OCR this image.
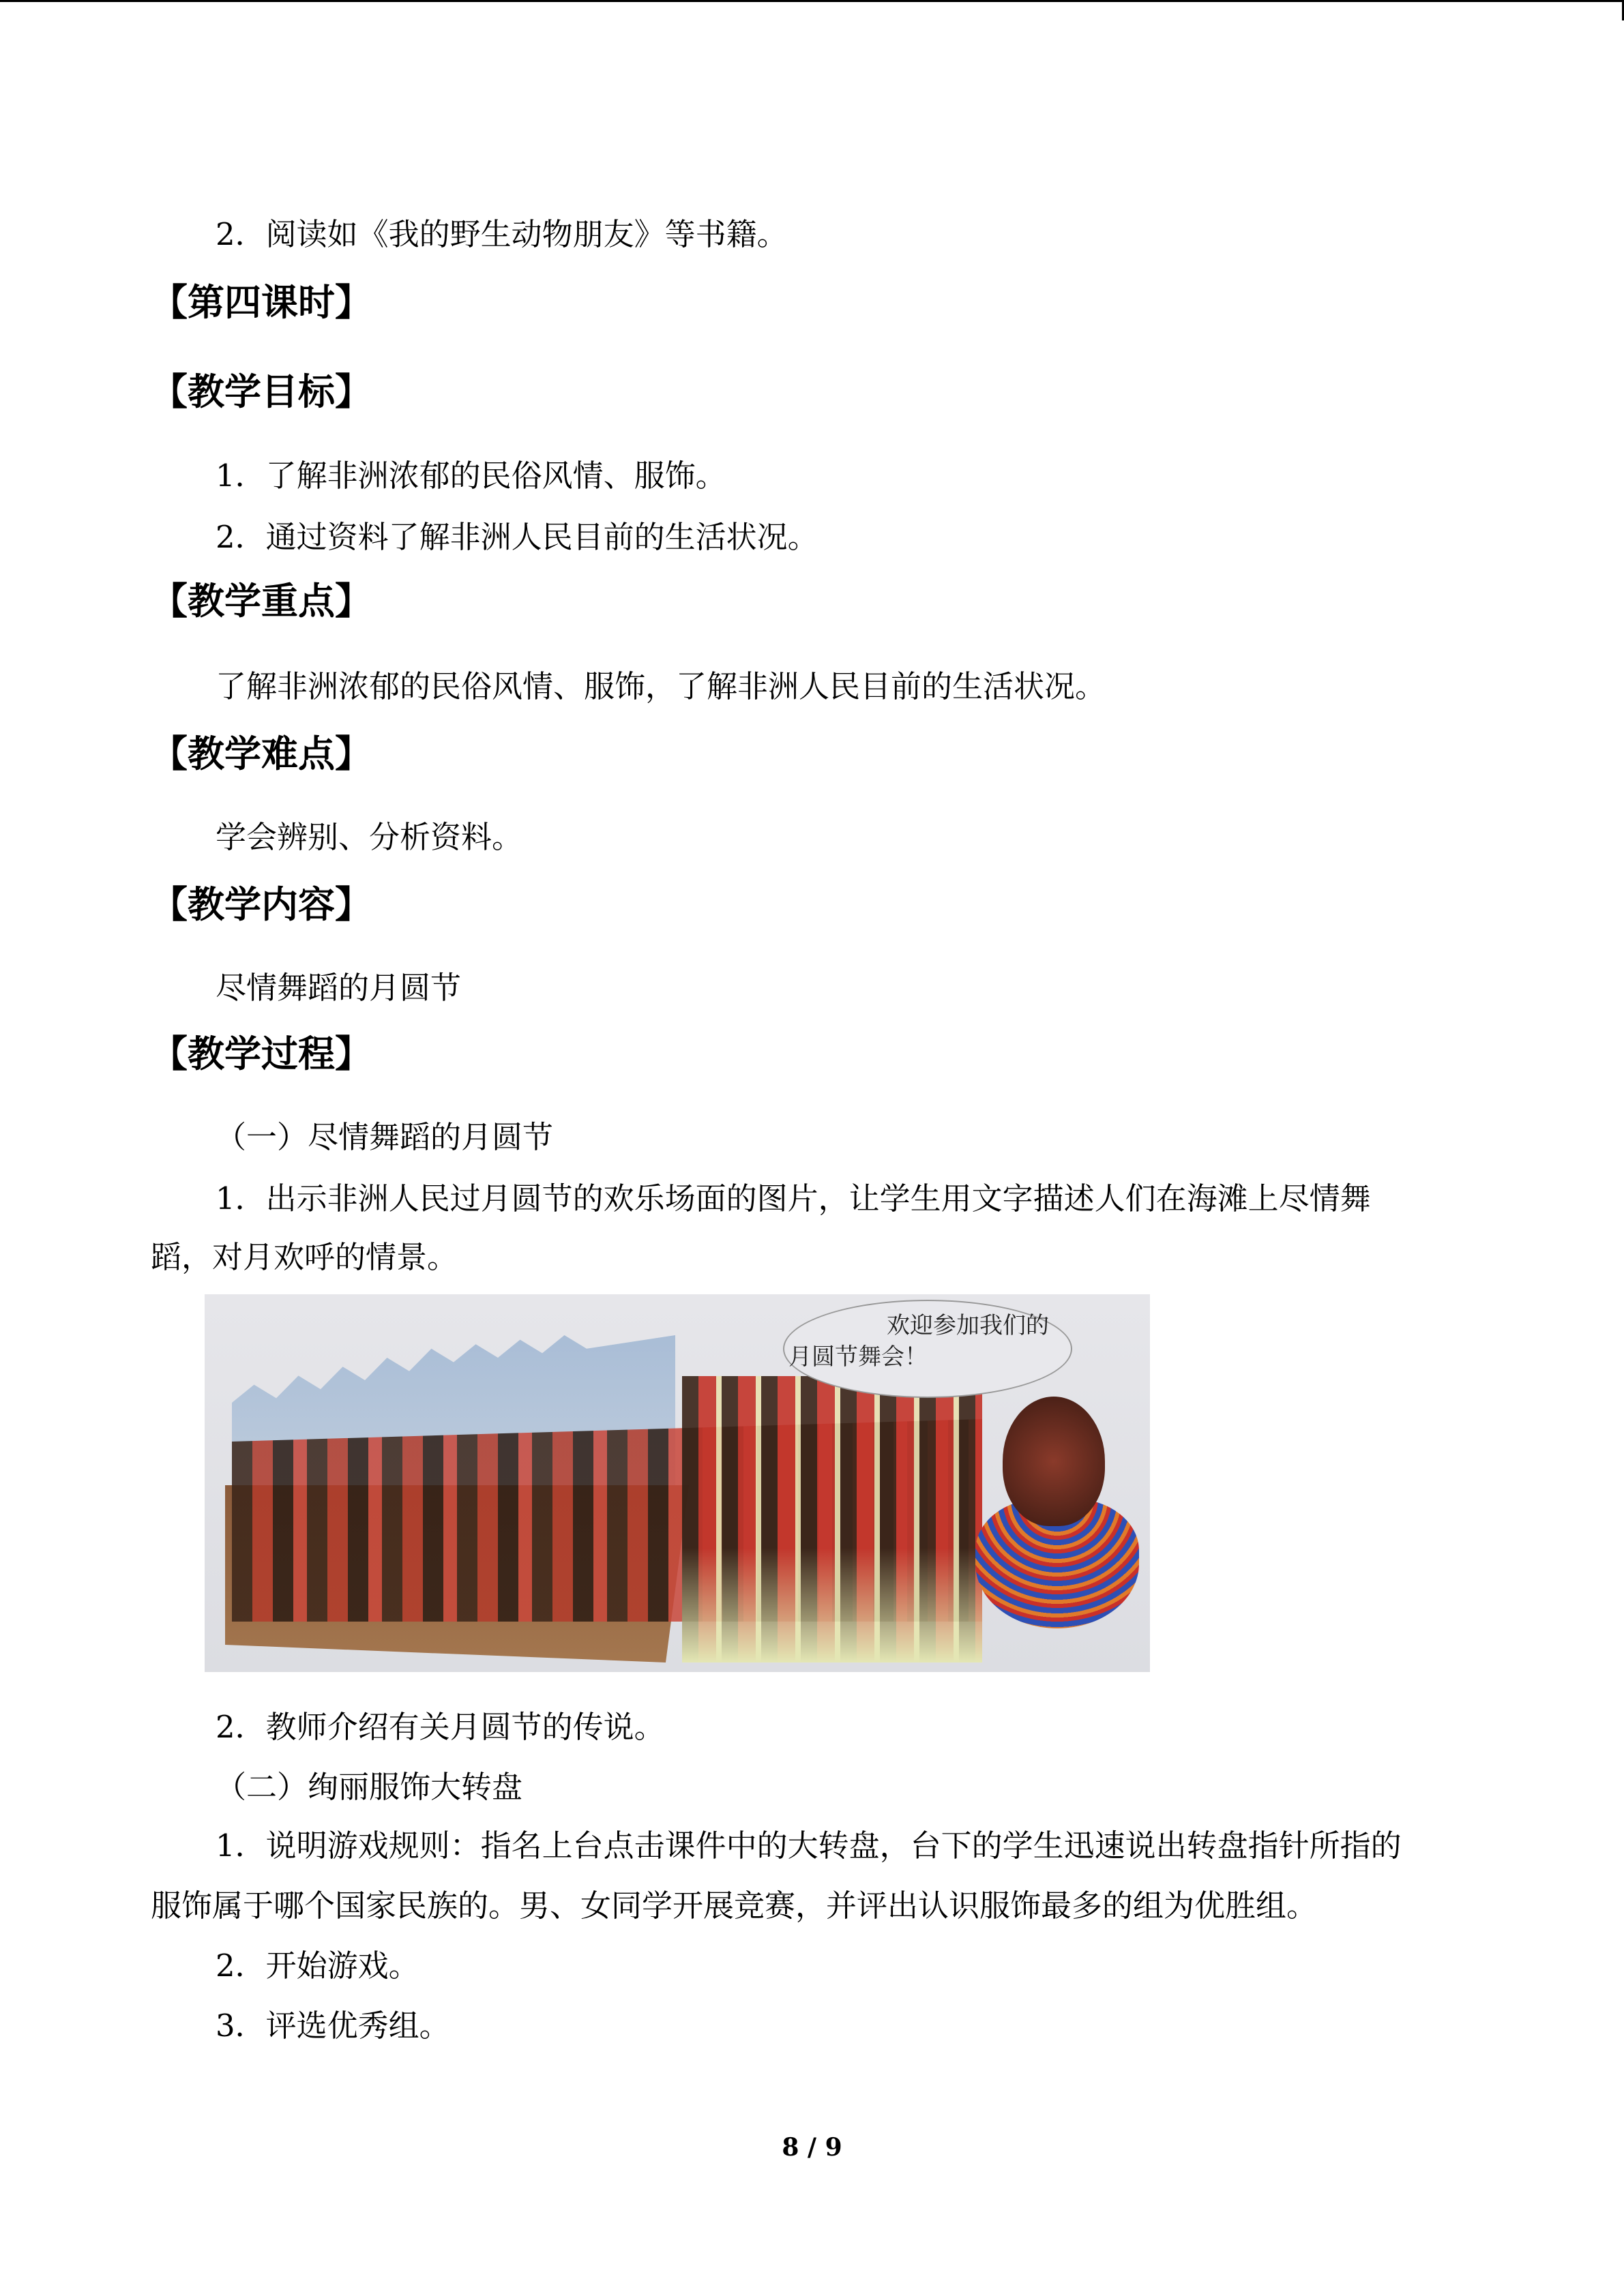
2．阅读如《我的野生动物朋友》等书籍。
【第四课时】
【教学目标】
1．了解非洲浓郁的民俗风情、服饰。
2．通过资料了解非洲人民目前的生活状况。
【教学重点】
了解非洲浓郁的民俗风情、服饰，了解非洲人民目前的生活状况。
【教学难点】
学会辨别、分析资料。
【教学内容】
尽情舞蹈的月圆节
【教学过程】
（一）尽情舞蹈的月圆节
1．出示非洲人民过月圆节的欢乐场面的图片，让学生用文字描述人们在海滩上尽情舞
蹈，对月欢呼的情景。
欢迎参加我们的
月圆节舞会！
2．教师介绍有关月圆节的传说。
（二）绚丽服饰大转盘
1．说明游戏规则：指名上台点击课件中的大转盘，台下的学生迅速说出转盘指针所指的
服饰属于哪个国家民族的。男、女同学开展竞赛，并评出认识服饰最多的组为优胜组。
2．开始游戏。
3．评选优秀组。
8 / 9
